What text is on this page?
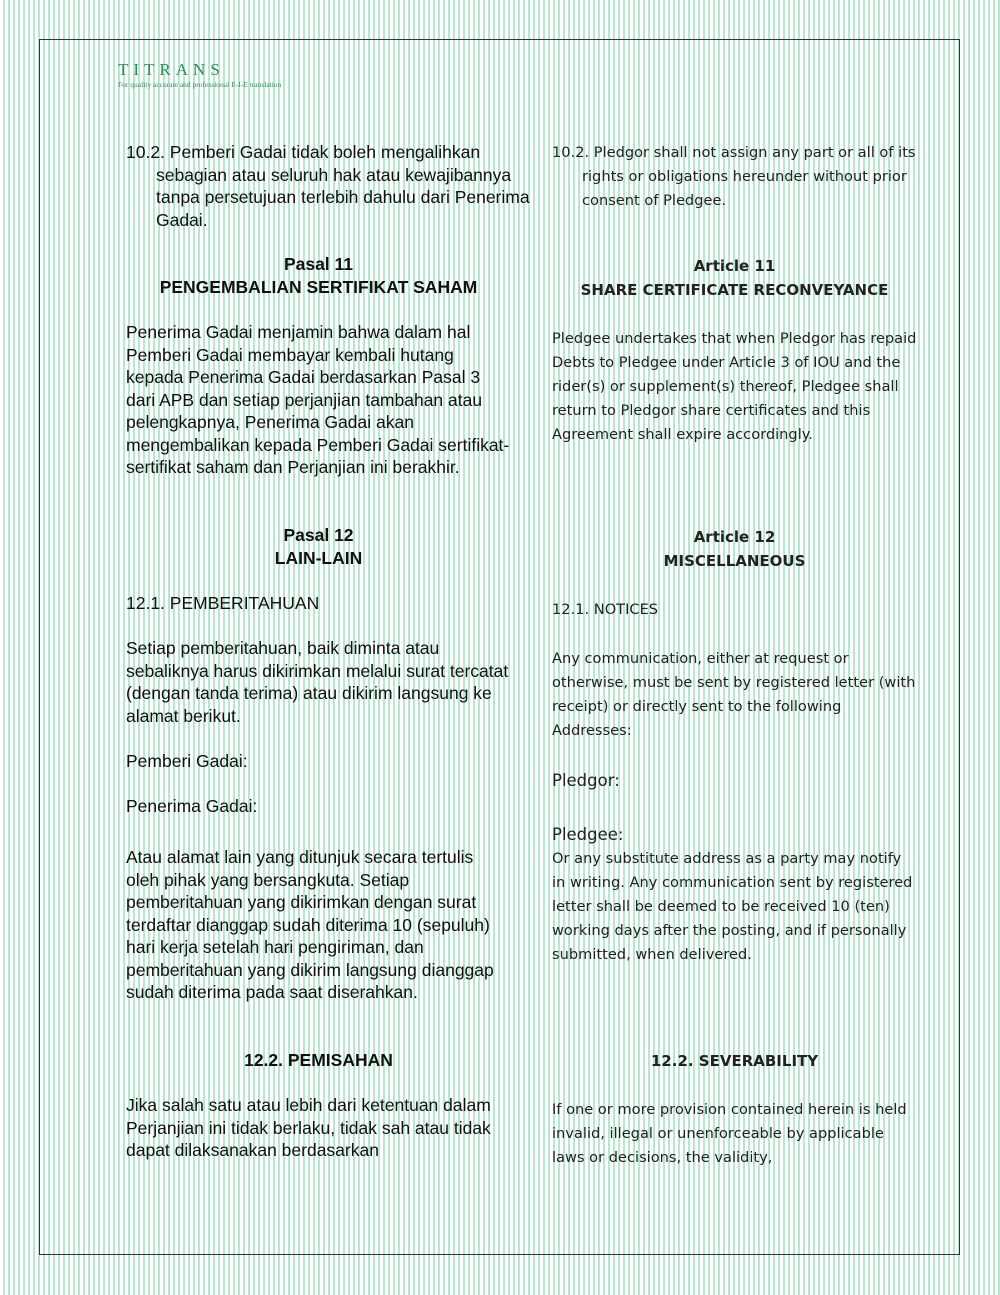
TITRANS
For quality accurate and professional E-I-E translation
10.2. Pemberi Gadai tidak boleh mengalihkan sebagian atau seluruh hak atau kewajibannya tanpa persetujuan terlebih dahulu dari Penerima Gadai.
Pasal 11
PENGEMBALIAN SERTIFIKAT SAHAM
Penerima Gadai menjamin bahwa dalam hal Pemberi Gadai membayar kembali hutang kepada Penerima Gadai berdasarkan Pasal 3 dari APB dan setiap perjanjian tambahan atau pelengkapnya, Penerima Gadai akan mengembalikan kepada Pemberi Gadai sertifikat-sertifikat saham dan Perjanjian ini berakhir.
Pasal 12
LAIN-LAIN
12.1. PEMBERITAHUAN
Setiap pemberitahuan, baik diminta atau sebaliknya harus dikirimkan melalui surat tercatat (dengan tanda terima) atau dikirim langsung ke alamat berikut.
Pemberi Gadai:
Penerima Gadai:
Atau alamat lain yang ditunjuk secara tertulis oleh pihak yang bersangkuta. Setiap pemberitahuan yang dikirimkan dengan surat terdaftar dianggap sudah diterima 10 (sepuluh) hari kerja setelah hari pengiriman, dan pemberitahuan yang dikirim langsung dianggap sudah diterima pada saat diserahkan.
12.2. PEMISAHAN
Jika salah satu atau lebih dari ketentuan dalam Perjanjian ini tidak berlaku, tidak sah atau tidak dapat dilaksanakan berdasarkan
10.2. Pledgor shall not assign any part or all of its rights or obligations hereunder without prior consent of Pledgee.
Article 11
SHARE CERTIFICATE RECONVEYANCE
Pledgee undertakes that when Pledgor has repaid Debts to Pledgee under Article 3 of IOU and the rider(s) or supplement(s) thereof, Pledgee shall return to Pledgor share certificates and this Agreement shall expire accordingly.
Article 12
MISCELLANEOUS
12.1. NOTICES
Any communication, either at request or otherwise, must be sent by registered letter (with receipt) or directly sent to the following Addresses:
Pledgor:
Pledgee:
Or any substitute address as a party may notify in writing. Any communication sent by registered letter shall be deemed to be received 10 (ten) working days after the posting, and if personally submitted, when delivered.
12.2. SEVERABILITY
If one or more provision contained herein is held invalid, illegal or unenforceable by applicable laws or decisions, the validity,
